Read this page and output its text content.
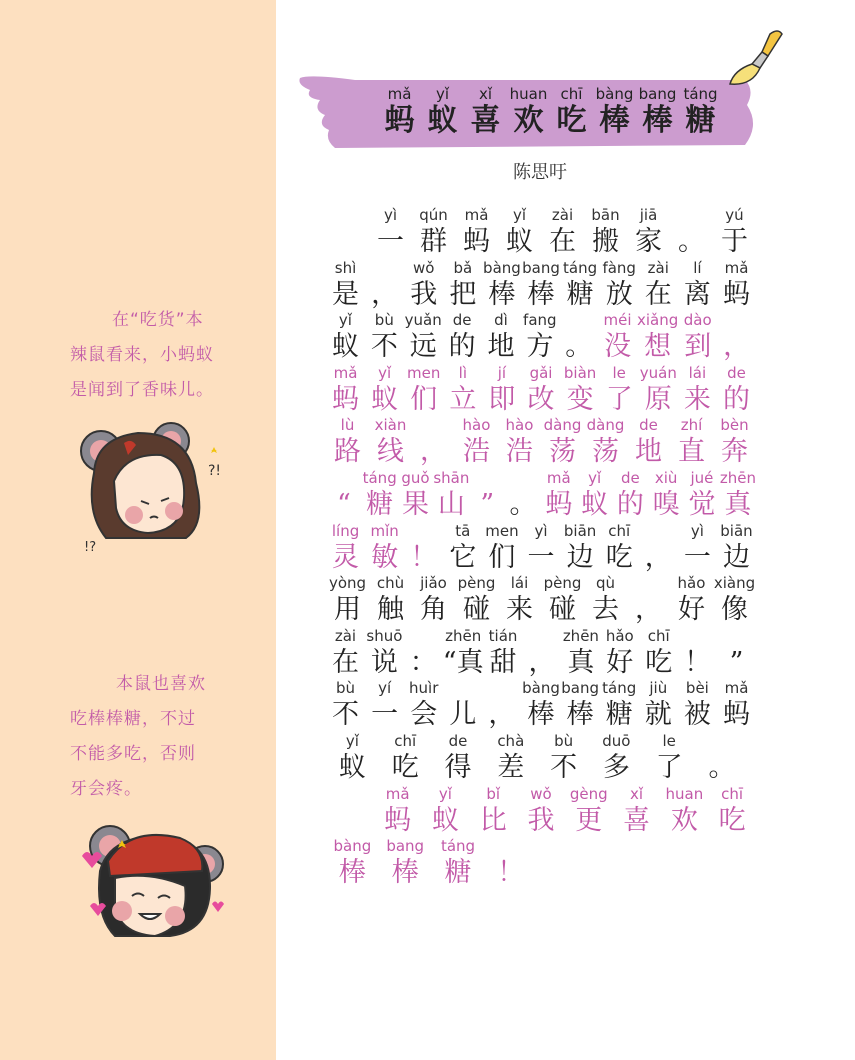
在“吃货”本
辣鼠看来，小蚂蚁
是闻到了香味儿。
?!
!?
本鼠也喜欢
吃棒棒糖，不过
不能多吃，否则
牙会疼。
mǎ
蚂
yǐ
蚁
xǐ
喜
huan
欢
chī
吃
bàng
棒
bang
棒
táng
糖
陈思吁
yì
一
qún
群
mǎ
蚂
yǐ
蚁
zài
在
bān
搬
jiā
家 。
yú
于
shì
是 ，
wǒ
我
bǎ
把
bàng
棒
bang
棒
táng
糖
fàng
放
zài
在
lí
离
mǎ
蚂
yǐ
蚁
bù
不
yuǎn
远
de
的
dì
地
fang
方 。
méi
没
xiǎng
想
dào
到 ，
mǎ
蚂
yǐ
蚁
men
们
lì
立
jí
即
gǎi
改
biàn
变
le
了
yuán
原
lái
来
de
的
lù
路
xiàn
线 ，
hào
浩
hào
浩
dàng
荡
dàng
荡
de
地
zhí
直
bèn
奔
“
táng
糖
guǒ
果
shān
山 ” 。
mǎ
蚂
yǐ
蚁
de
的
xiù
嗅
jué
觉
zhēn
真
líng
灵
mǐn
敏 ！
tā
它
men
们
yì
一
biān
边
chī
吃 ，
yì
一
biān
边
yòng
用
chù
触
jiǎo
角
pèng
碰
lái
来
pèng
碰
qù
去 ，
hǎo
好
xiàng
像
zài
在
shuō
说 ：
zhēn
“真
tián
甜 ，
zhēn
真
hǎo
好
chī
吃 ！ ”
bù
不
yí
一
huìr
会 儿 ，
bàng
棒
bang
棒
táng
糖
jiù
就
bèi
被
mǎ
蚂
yǐ
蚁
chī
吃
de
得
chà
差
bù
不
duō
多
le
了 。
mǎ
蚂
yǐ
蚁
bǐ
比
wǒ
我
gèng
更
xǐ
喜
huan
欢
chī
吃
bàng
棒
bang
棒
táng
糖 ！
